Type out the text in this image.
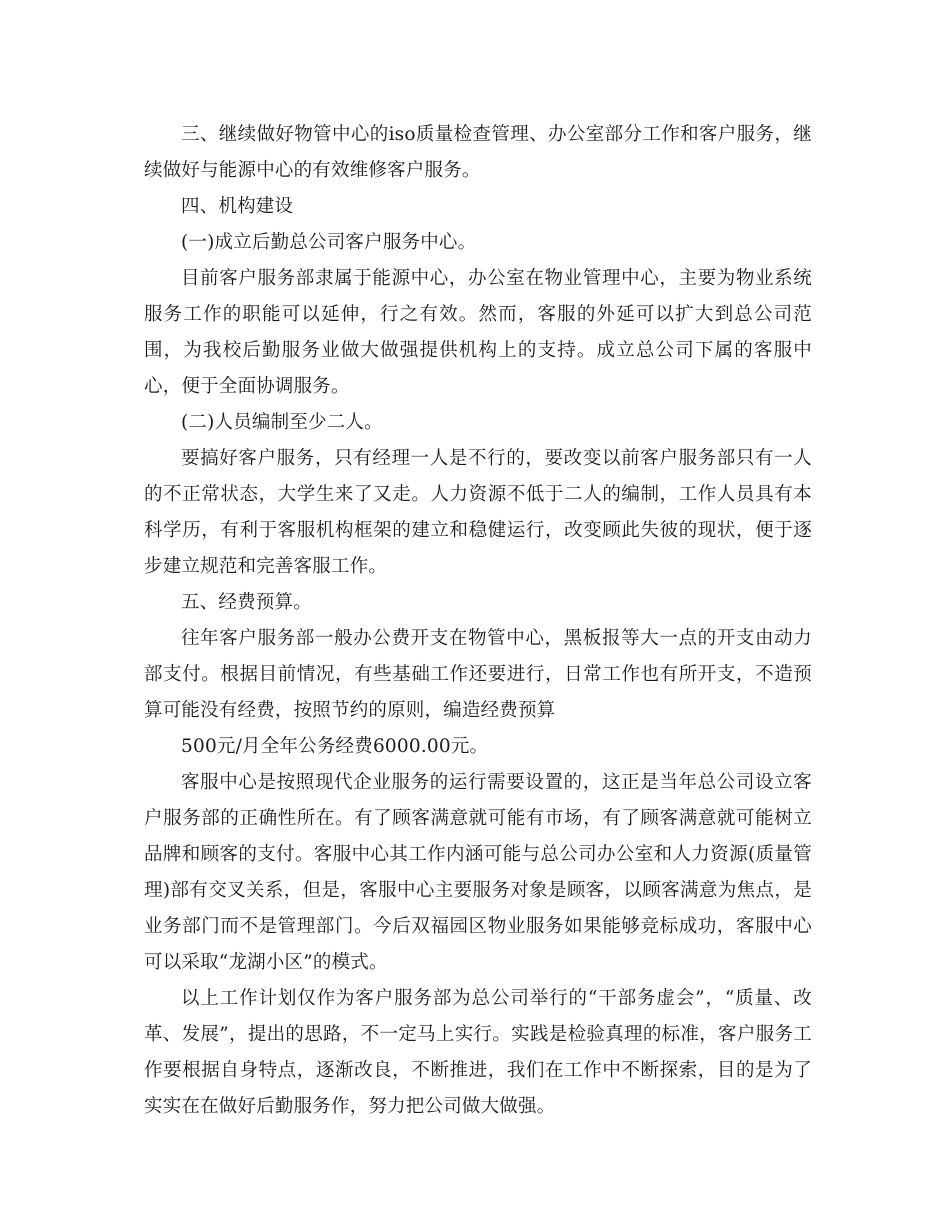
三、继续做好物管中心的iso质量检查管理、办公室部分工作和客户服务，继续做好与能源中心的有效维修客户服务。

四、机构建设

(一)成立后勤总公司客户服务中心。

目前客户服务部隶属于能源中心，办公室在物业管理中心，主要为物业系统服务工作的职能可以延伸，行之有效。然而，客服的外延可以扩大到总公司范围，为我校后勤服务业做大做强提供机构上的支持。成立总公司下属的客服中心，便于全面协调服务。

(二)人员编制至少二人。

要搞好客户服务，只有经理一人是不行的，要改变以前客户服务部只有一人的不正常状态，大学生来了又走。人力资源不低于二人的编制，工作人员具有本科学历，有利于客服机构框架的建立和稳健运行，改变顾此失彼的现状，便于逐步建立规范和完善客服工作。

五、经费预算。

往年客户服务部一般办公费开支在物管中心，黑板报等大一点的开支由动力部支付。根据目前情况，有些基础工作还要进行，日常工作也有所开支，不造预算可能没有经费，按照节约的原则，编造经费预算

500元/月全年公务经费6000.00元。

客服中心是按照现代企业服务的运行需要设置的，这正是当年总公司设立客户服务部的正确性所在。有了顾客满意就可能有市场，有了顾客满意就可能树立品牌和顾客的支付。客服中心其工作内涵可能与总公司办公室和人力资源(质量管理)部有交叉关系，但是，客服中心主要服务对象是顾客，以顾客满意为焦点，是业务部门而不是管理部门。今后双福园区物业服务如果能够竞标成功，客服中心可以采取“龙湖小区”的模式。

以上工作计划仅作为客户服务部为总公司举行的“干部务虚会”，“质量、改革、发展”，提出的思路，不一定马上实行。实践是检验真理的标准，客户服务工作要根据自身特点，逐渐改良，不断推进，我们在工作中不断探索，目的是为了实实在在做好后勤服务作，努力把公司做大做强。
